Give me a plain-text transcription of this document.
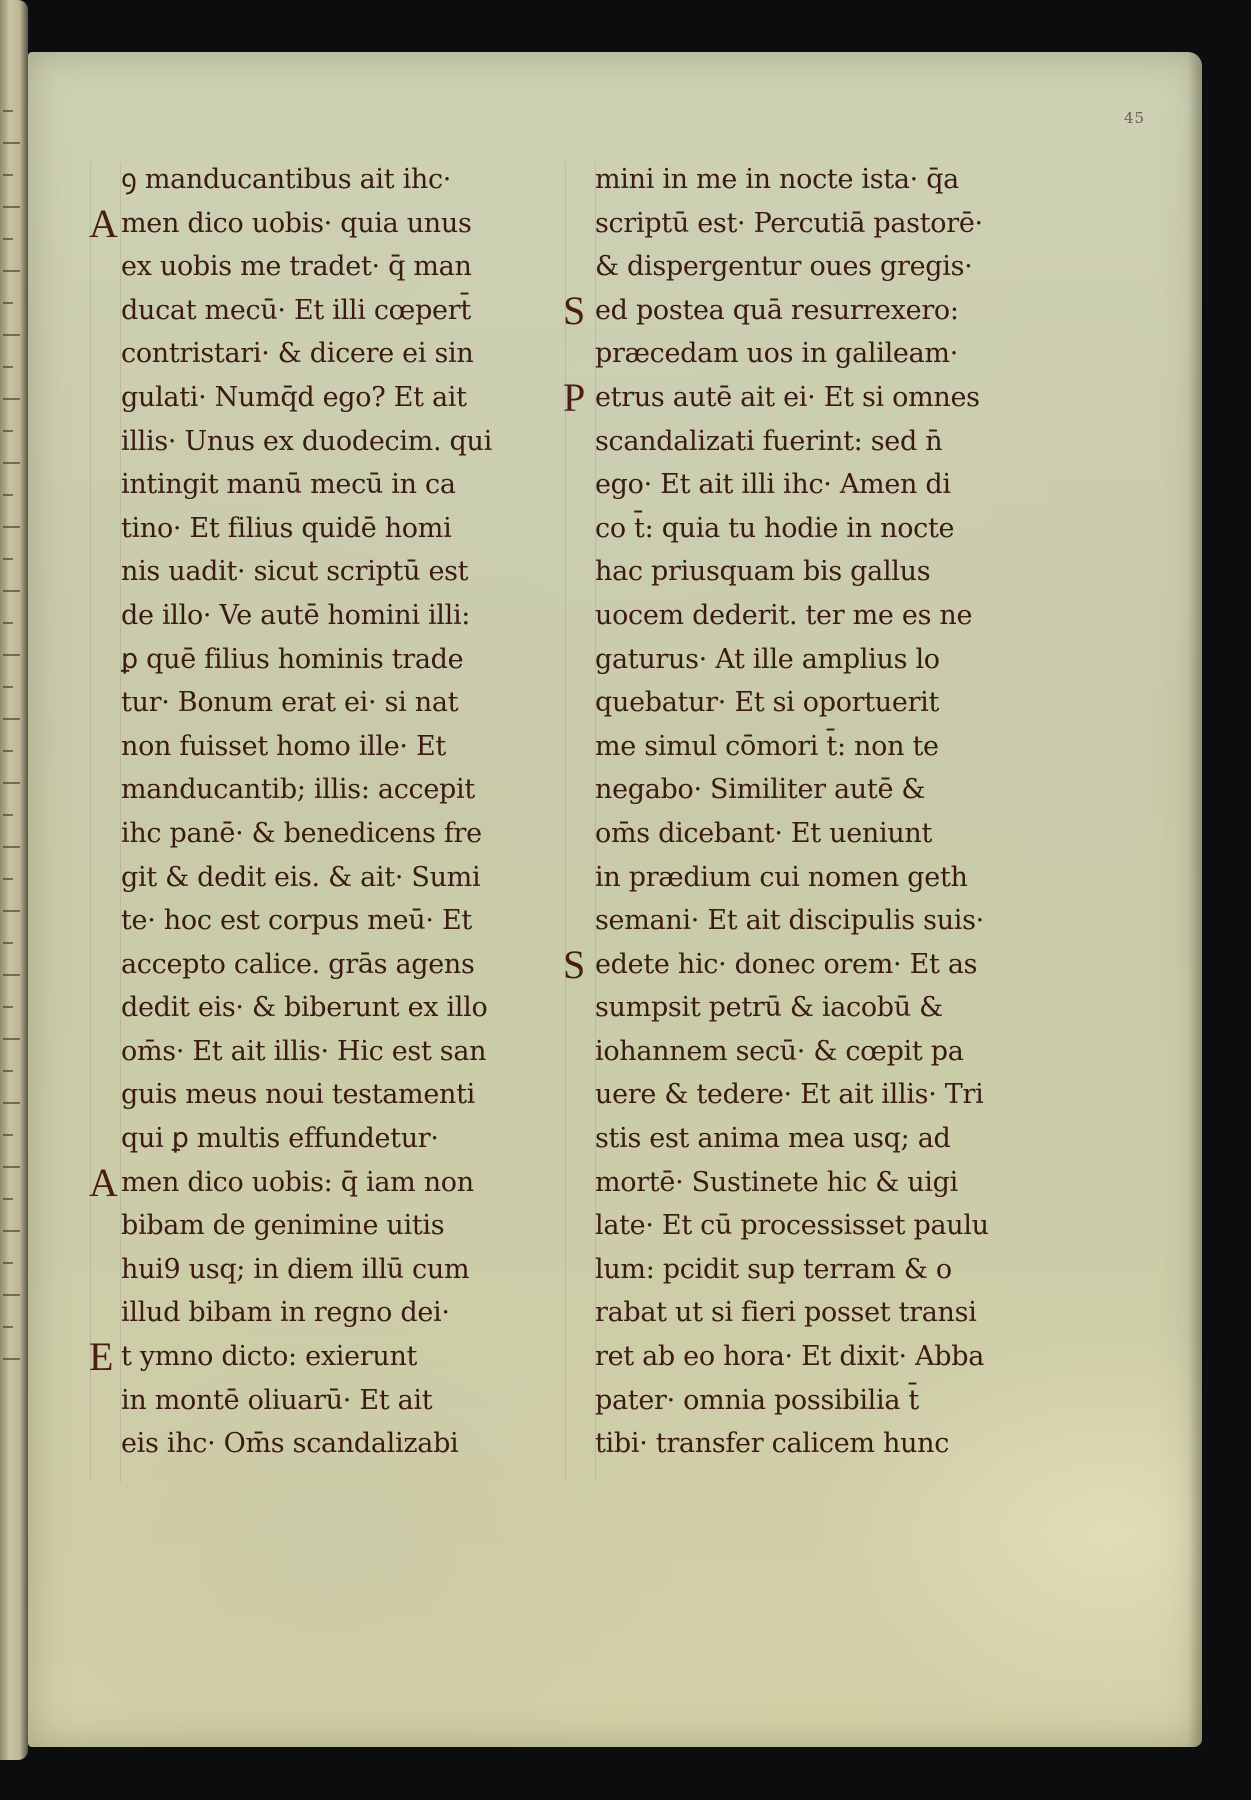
45
ꝯ manducantibus ait ihc·
A men dico uobis· quia unus
ex uobis me tradet· q̄ man
ducat mecū· Et illi cœpert̄
contristari· & dicere ei sin
gulati· Numq̄d ego? Et ait
illis· Unus ex duodecim. qui
intingit manū mecū in ca
tino· Et filius quidē homi
nis uadit· sicut scriptū est
de illo· Ve autē homini illi:
ꝑ quē filius hominis trade
tur· Bonum erat ei· si nat
non fuisset homo ille· Et
manducantib; illis: accepit
ihc panē· & benedicens fre
git & dedit eis. & ait· Sumi
te· hoc est corpus meū· Et
accepto calice. grās agens
dedit eis· & biberunt ex illo
om̄s· Et ait illis· Hic est san
guis meus noui testamenti
qui ꝑ multis effundetur·
A men dico uobis: q̄ iam non
bibam de genimine uitis
hui9 usq; in diem illū cum
illud bibam in regno dei·
E t ymno dicto: exierunt
in montē oliuarū· Et ait
eis ihc· Om̄s scandalizabi
mini in me in nocte ista· q̄a
scriptū est· Percutiā pastorē·
& dispergentur oues gregis·
S ed postea quā resurrexero:
præcedam uos in galileam·
P etrus autē ait ei· Et si omnes
scandalizati fuerint: sed n̄
ego· Et ait illi ihc· Amen di
co t̄: quia tu hodie in nocte
hac priusquam bis gallus
uocem dederit. ter me es ne
gaturus· At ille amplius lo
quebatur· Et si oportuerit
me simul cōmori t̄: non te
negabo· Similiter autē &
om̄s dicebant· Et ueniunt
in prædium cui nomen geth
semani· Et ait discipulis suis·
S edete hic· donec orem· Et as
sumpsit petrū & iacobū &
iohannem secū· & cœpit pa
uere & tedere· Et ait illis· Tri
stis est anima mea usq; ad
mortē· Sustinete hic & uigi
late· Et cū processisset paulu
lum: pcidit sup terram & o
rabat ut si fieri posset transi
ret ab eo hora· Et dixit· Abba
pater· omnia possibilia t̄
tibi· transfer calicem hunc
